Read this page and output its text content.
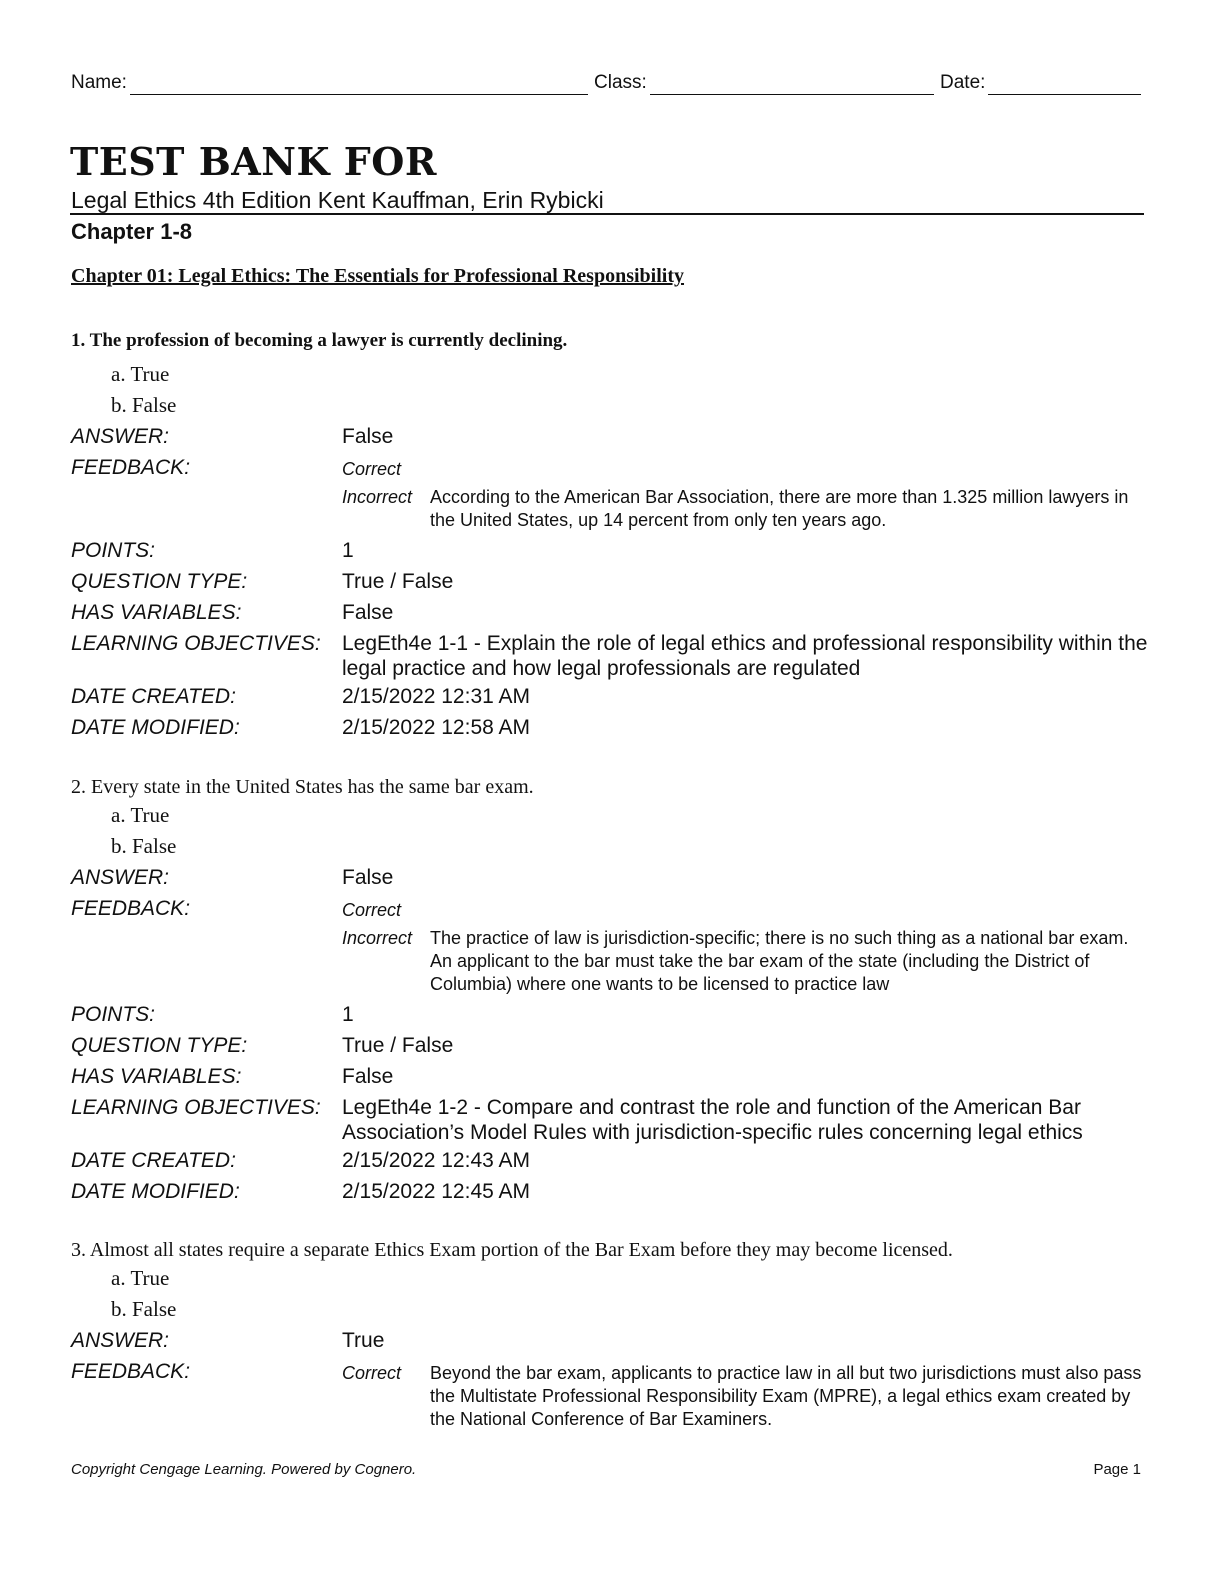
Name:	Class:	Date:
TEST BANK FOR
Legal Ethics 4th Edition Kent Kauffman, Erin Rybicki
Chapter 1-8
Chapter 01: Legal Ethics: The Essentials for Professional Responsibility
1. The profession of becoming a lawyer is currently declining.
a. True
b. False
ANSWER:	False
FEEDBACK:	Correct
Incorrect According to the American Bar Association, there are more than 1.325 million lawyers in the United States, up 14 percent from only ten years ago.
POINTS:	1
QUESTION TYPE:	True / False
HAS VARIABLES:	False
LEARNING OBJECTIVES:	LegEth4e 1-1 - Explain the role of legal ethics and professional responsibility within the legal practice and how legal professionals are regulated
DATE CREATED:	2/15/2022 12:31 AM
DATE MODIFIED:	2/15/2022 12:58 AM
2. Every state in the United States has the same bar exam.
a. True
b. False
ANSWER:	False
FEEDBACK:	Correct
Incorrect The practice of law is jurisdiction-specific; there is no such thing as a national bar exam. An applicant to the bar must take the bar exam of the state (including the District of Columbia) where one wants to be licensed to practice law
POINTS:	1
QUESTION TYPE:	True / False
HAS VARIABLES:	False
LEARNING OBJECTIVES:	LegEth4e 1-2 - Compare and contrast the role and function of the American Bar Association’s Model Rules with jurisdiction-specific rules concerning legal ethics
DATE CREATED:	2/15/2022 12:43 AM
DATE MODIFIED:	2/15/2022 12:45 AM
3. Almost all states require a separate Ethics Exam portion of the Bar Exam before they may become licensed.
a. True
b. False
ANSWER:	True
FEEDBACK:	Correct	Beyond the bar exam, applicants to practice law in all but two jurisdictions must also pass the Multistate Professional Responsibility Exam (MPRE), a legal ethics exam created by the National Conference of Bar Examiners.
Copyright Cengage Learning. Powered by Cognero.	Page 1
